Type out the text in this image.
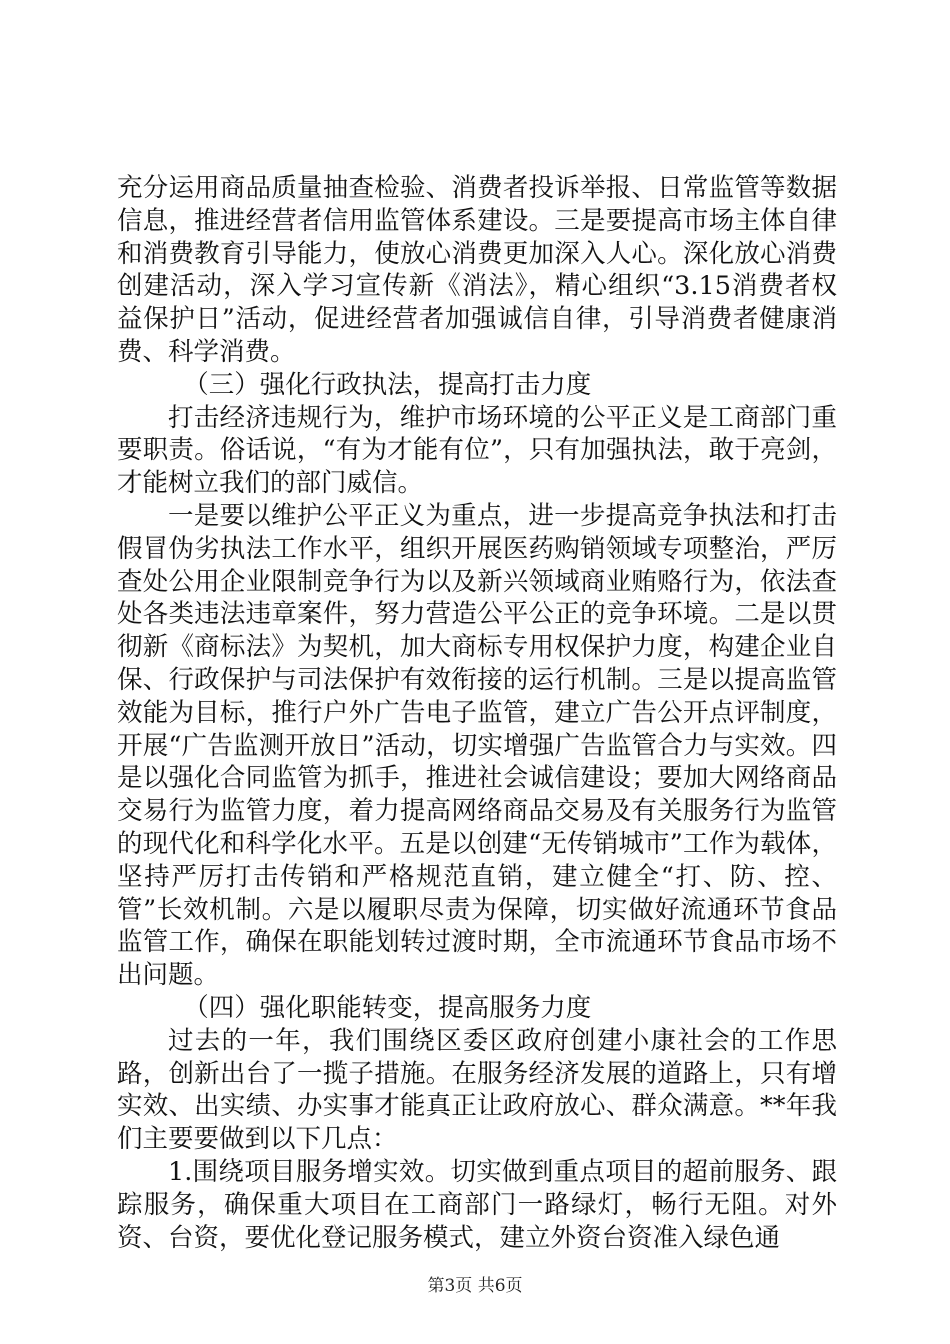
充分运用商品质量抽查检验、消费者投诉举报、日常监管等数据信息，推进经营者信用监管体系建设。三是要提高市场主体自律和消费教育引导能力，使放心消费更加深入人心。深化放心消费创建活动，深入学习宣传新《消法》，精心组织“3.15消费者权益保护日”活动，促进经营者加强诚信自律，引导消费者健康消费、科学消费。

（三）强化行政执法，提高打击力度

打击经济违规行为，维护市场环境的公平正义是工商部门重要职责。俗话说，“有为才能有位”，只有加强执法，敢于亮剑，才能树立我们的部门威信。

一是要以维护公平正义为重点，进一步提高竞争执法和打击假冒伪劣执法工作水平，组织开展医药购销领域专项整治，严厉查处公用企业限制竞争行为以及新兴领域商业贿赂行为，依法查处各类违法违章案件，努力营造公平公正的竞争环境。二是以贯彻新《商标法》为契机，加大商标专用权保护力度，构建企业自保、行政保护与司法保护有效衔接的运行机制。三是以提高监管效能为目标，推行户外广告电子监管，建立广告公开点评制度，开展“广告监测开放日”活动，切实增强广告监管合力与实效。四是以强化合同监管为抓手，推进社会诚信建设；要加大网络商品交易行为监管力度，着力提高网络商品交易及有关服务行为监管的现代化和科学化水平。五是以创建“无传销城市”工作为载体，坚持严厉打击传销和严格规范直销，建立健全“打、防、控、管”长效机制。六是以履职尽责为保障，切实做好流通环节食品监管工作，确保在职能划转过渡时期，全市流通环节食品市场不出问题。

（四）强化职能转变，提高服务力度

过去的一年，我们围绕区委区政府创建小康社会的工作思路，创新出台了一揽子措施。在服务经济发展的道路上，只有增实效、出实绩、办实事才能真正让政府放心、群众满意。**年我们主要要做到以下几点：

1.围绕项目服务增实效。切实做到重点项目的超前服务、跟踪服务，确保重大项目在工商部门一路绿灯，畅行无阻。对外资、台资，要优化登记服务模式，建立外资台资准入绿色通

第3页 共6页
